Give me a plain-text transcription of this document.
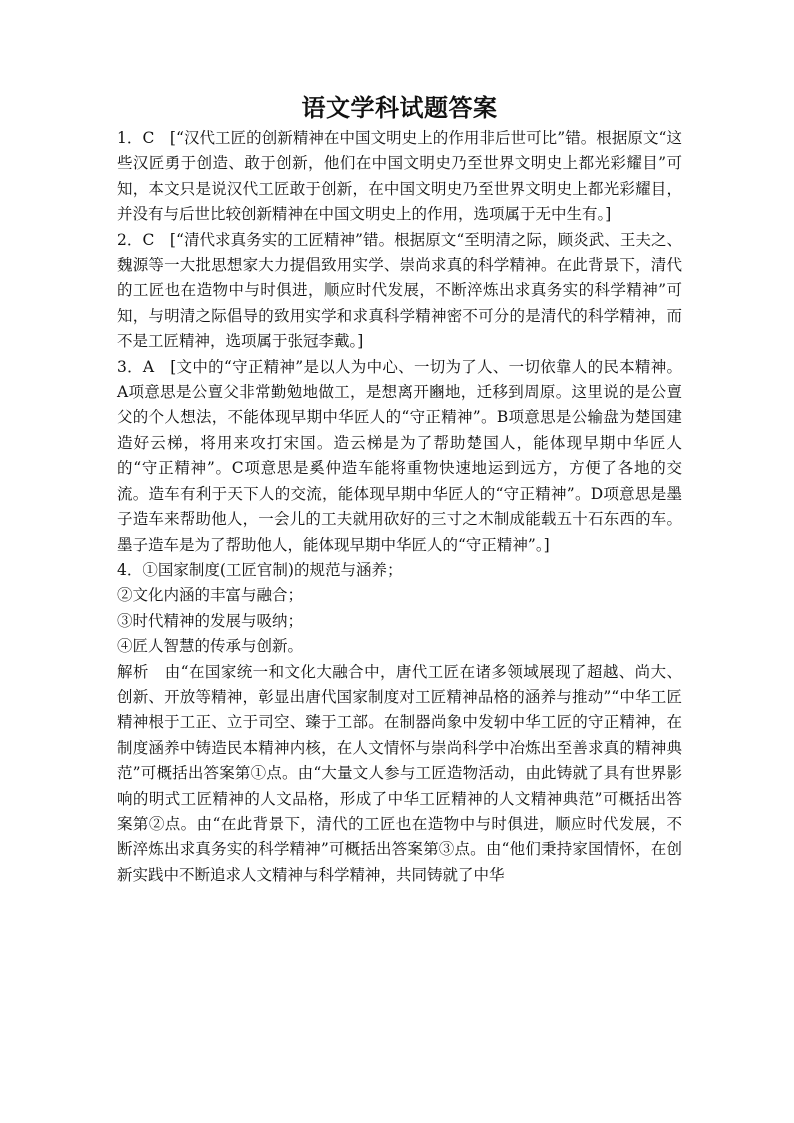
语文学科试题答案

1．C　[“汉代工匠的创新精神在中国文明史上的作用非后世可比”错。根据原文“这些汉匠勇于创造、敢于创新，他们在中国文明史乃至世界文明史上都光彩耀目”可知，本文只是说汉代工匠敢于创新，在中国文明史乃至世界文明史上都光彩耀目，并没有与后世比较创新精神在中国文明史上的作用，选项属于无中生有。]

2．C　[“清代求真务实的工匠精神”错。根据原文“至明清之际，顾炎武、王夫之、魏源等一大批思想家大力提倡致用实学、崇尚求真的科学精神。在此背景下，清代的工匠也在造物中与时俱进，顺应时代发展，不断淬炼出求真务实的科学精神”可知，与明清之际倡导的致用实学和求真科学精神密不可分的是清代的科学精神，而不是工匠精神，选项属于张冠李戴。]

3．A　[文中的“守正精神”是以人为中心、一切为了人、一切依靠人的民本精神。A项意思是公亶父非常勤勉地做工，是想离开豳地，迁移到周原。这里说的是公亶父的个人想法，不能体现早期中华匠人的“守正精神”。B项意思是公输盘为楚国建造好云梯，将用来攻打宋国。造云梯是为了帮助楚国人，能体现早期中华匠人的“守正精神”。C项意思是奚仲造车能将重物快速地运到远方，方便了各地的交流。造车有利于天下人的交流，能体现早期中华匠人的“守正精神”。D项意思是墨子造车来帮助他人，一会儿的工夫就用砍好的三寸之木制成能载五十石东西的车。墨子造车是为了帮助他人，能体现早期中华匠人的“守正精神”。]

4．①国家制度(工匠官制)的规范与涵养；

②文化内涵的丰富与融合；

③时代精神的发展与吸纳；

④匠人智慧的传承与创新。

解析　由“在国家统一和文化大融合中，唐代工匠在诸多领域展现了超越、尚大、创新、开放等精神，彰显出唐代国家制度对工匠精神品格的涵养与推动”“中华工匠精神根于工正、立于司空、臻于工部。在制器尚象中发轫中华工匠的守正精神，在制度涵养中铸造民本精神内核，在人文情怀与崇尚科学中冶炼出至善求真的精神典范”可概括出答案第①点。由“大量文人参与工匠造物活动，由此铸就了具有世界影响的明式工匠精神的人文品格，形成了中华工匠精神的人文精神典范”可概括出答案第②点。由“在此背景下，清代的工匠也在造物中与时俱进，顺应时代发展，不断淬炼出求真务实的科学精神”可概括出答案第③点。由“他们秉持家国情怀，在创新实践中不断追求人文精神与科学精神，共同铸就了中华
